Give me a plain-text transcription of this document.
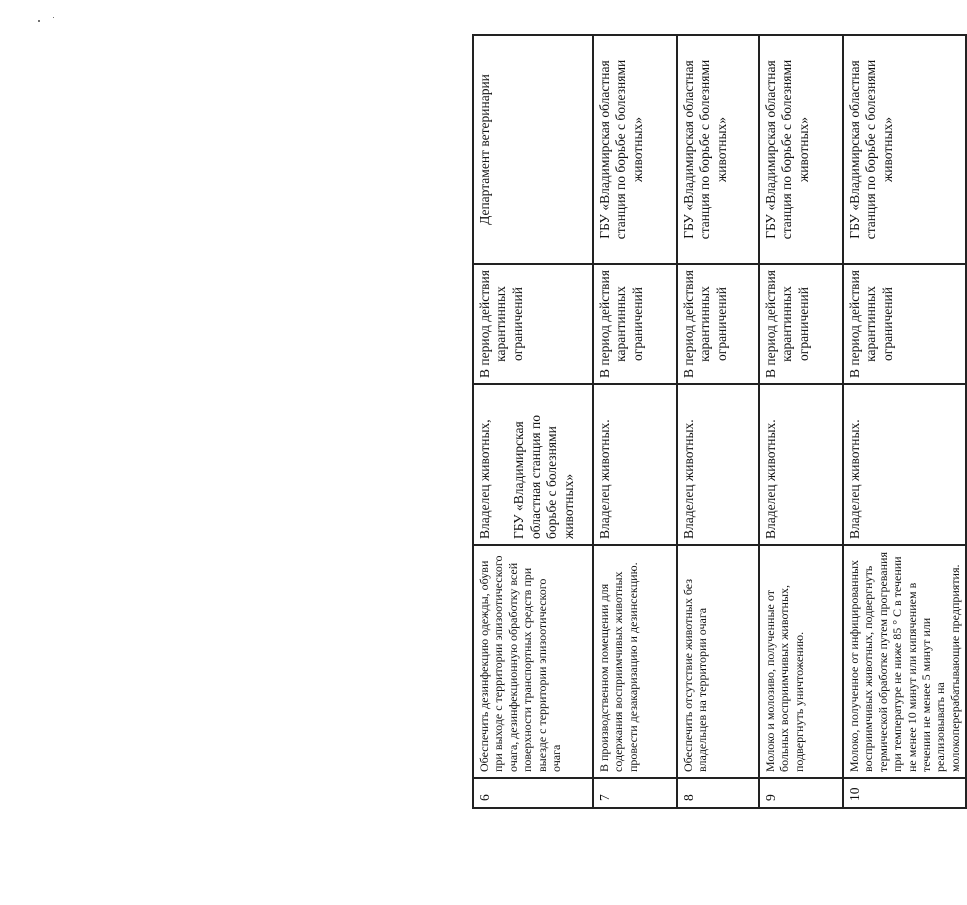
6	Обеспечить дезинфекцию одежды, обуви при выходе с территории эпизоотического очага, дезинфекционную обработку всей поверхности транспортных средств при выезде с территории эпизоотического очага	Владелец животных, ГБУ «Владимирская областная станция по борьбе с болезнями животных»	В период действия карантинных ограничений	Департамент ветеринарии
7	В производственном помещении для содержания восприимчивых животных провести дезакаризацию и дезинсекцию.	Владелец животных.	В период действия карантинных ограничений	ГБУ «Владимирская областная станция по борьбе с болезнями животных»
8	Обеспечить отсутствие животных без владельцев на территории очага	Владелец животных.	В период действия карантинных ограничений	ГБУ «Владимирская областная станция по борьбе с болезнями животных»
9	Молоко и молозиво, полученные от больных восприимчивых животных, подвергнуть уничтожению.	Владелец животных.	В период действия карантинных ограничений	ГБУ «Владимирская областная станция по борьбе с болезнями животных»
10	Молоко, полученное от инфицированных восприимчивых животных, подвергнуть термической обработке путем прогревания при температуре не ниже 85 ° С в течении не менее 10 минут или кипячением в течении не менее 5 минут или реализовывать на молокоперерабатывающие предприятия.	Владелец животных.	В период действия карантинных ограничений	ГБУ «Владимирская областная станция по борьбе с болезнями животных»
